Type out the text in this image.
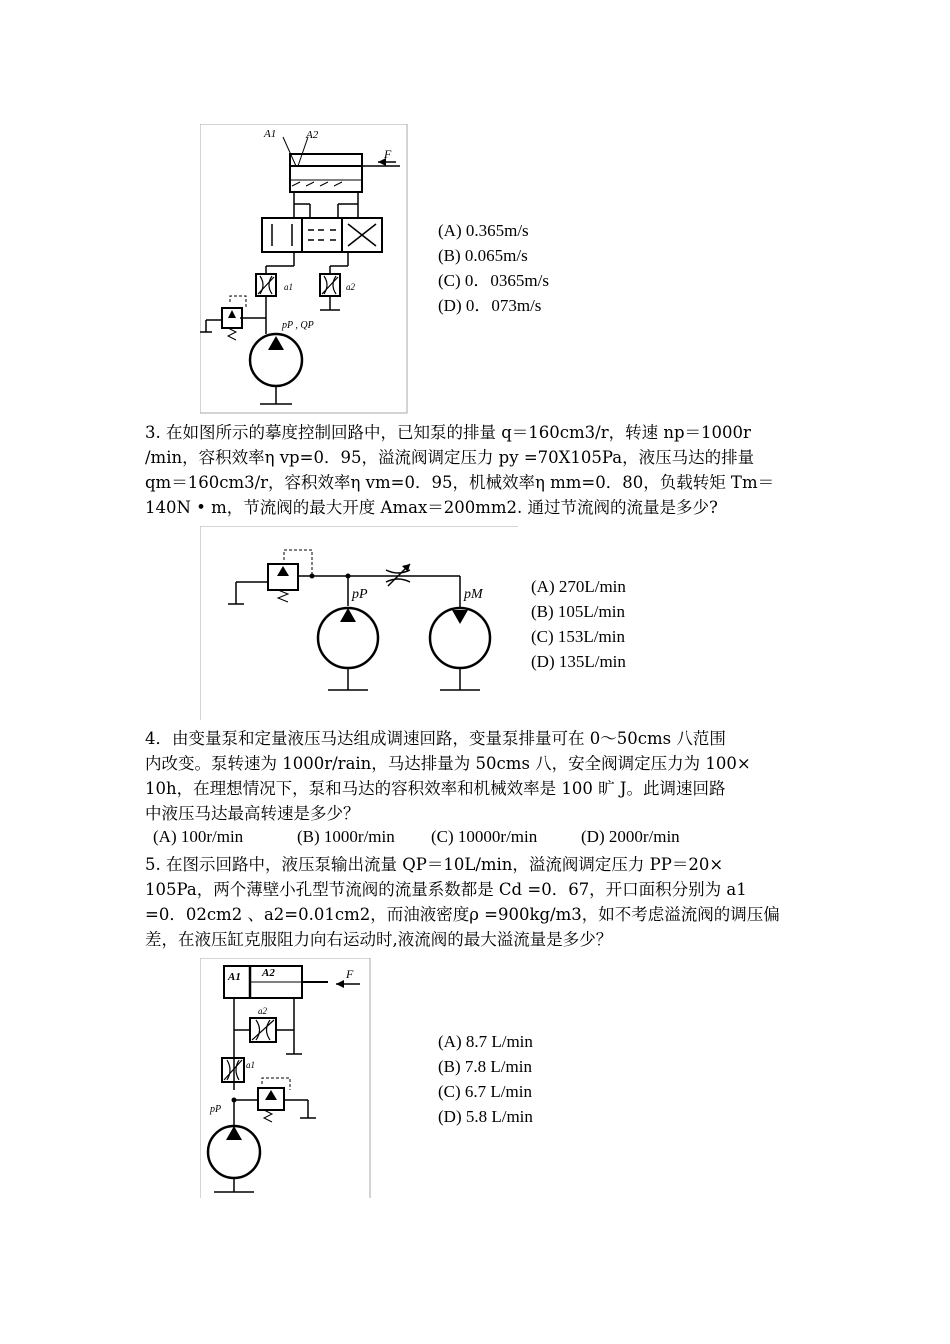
A1	A2
F
a1	a2
pP , QP
(A) 0.365m/s
(B) 0.065m/s
(C) 0．0365m/s
(D) 0．073m/s
3. 在如图所示的摹度控制回路中，已知泵的排量 q＝160cm3/r，转速 np＝1000r
/min，容积效率η vp=0．95，溢流阀调定压力 py =70X105Pa，液压马达的排量
qm＝160cm3/r，容积效率η vm=0．95，机械效率η mm=0．80，负载转矩 Tm＝
140N • m，节流阀的最大开度 Amax＝200mm2. 通过节流阀的流量是多少?
pP	pM	(A) 270L/min
(B) 105L/min
(C) 153L/min
(D) 135L/min
4．由变量泵和定量液压马达组成调速回路，变量泵排量可在 0～50cms 八范围
内改变。泵转速为 1000r/rain，马达排量为 50cms 八，安全阀调定压力为 100×
10h，在理想情况下，泵和马达的容积效率和机械效率是 100 旷 J。此调速回路
中液压马达最高转速是多少？
(A) 100r/min	(B) 1000r/min (C) 10000r/min	(D) 2000r/min
5. 在图示回路中，液压泵输出流量 QP＝10L/min，溢流阀调定压力 PP＝20×
105Pa，两个薄壁小孔型节流阀的流量系数都是 Cd =0．67，开口面积分别为 a1
=0．02cm2 、a2=0.01cm2，而油液密度ρ =900kg/m3，如不考虑溢流阀的调压偏
差，在液压缸克服阻力向右运动时,液流阀的最大溢流量是多少？
A1 A2	F
a2
a1
pP
(A) 8.7 L/min
(B) 7.8 L/min
(C) 6.7 L/min
(D) 5.8 L/min
